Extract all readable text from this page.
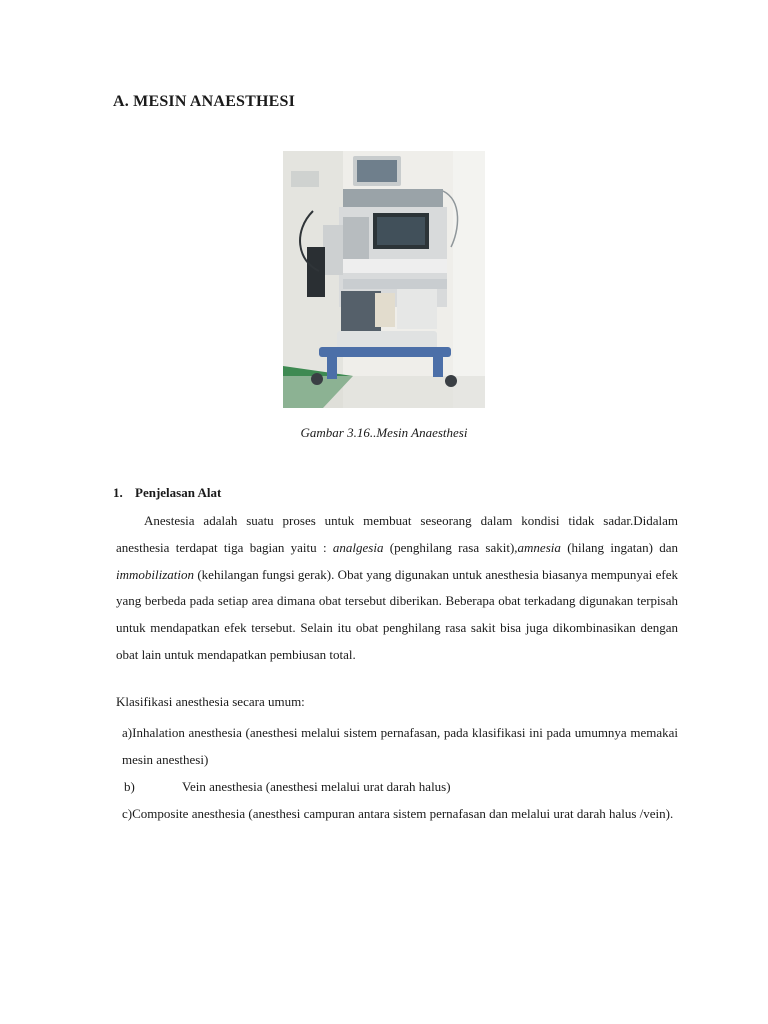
A. MESIN ANAESTHESI
Gambar 3.16..Mesin Anaesthesi
1. Penjelasan Alat
Anestesia adalah suatu proses untuk membuat seseorang dalam kondisi tidak sadar.Didalam anesthesia terdapat tiga bagian yaitu : analgesia (penghilang rasa sakit),amnesia (hilang ingatan) dan immobilization (kehilangan fungsi gerak). Obat yang digunakan untuk anesthesia biasanya mempunyai efek yang berbeda pada setiap area dimana obat tersebut diberikan. Beberapa obat terkadang digunakan terpisah untuk mendapatkan efek tersebut. Selain itu obat penghilang rasa sakit bisa juga dikombinasikan dengan obat lain untuk mendapatkan pembiusan total.
Klasifikasi anesthesia secara umum:
a)Inhalation anesthesia (anesthesi melalui sistem pernafasan, pada klasifikasi ini pada umumnya memakai mesin anesthesi)
b)	Vein anesthesia (anesthesi melalui urat darah halus)
c)Composite anesthesia (anesthesi campuran antara sistem pernafasan dan melalui urat darah halus /vein).
